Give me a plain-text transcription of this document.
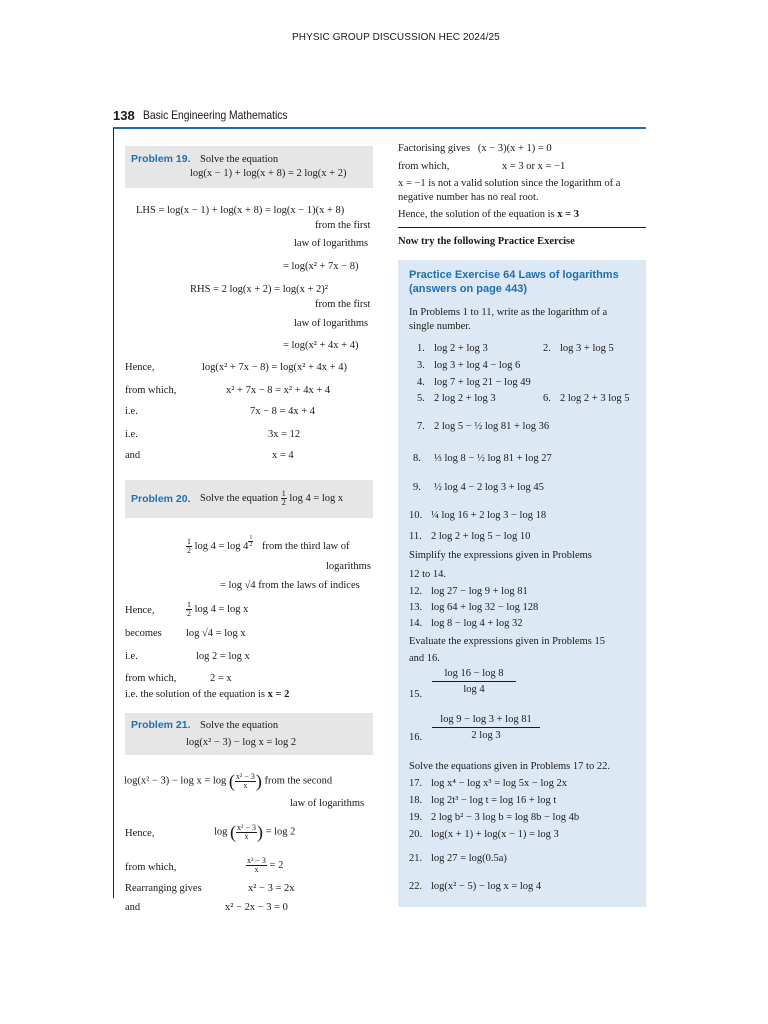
PHYSIC GROUP DISCUSSION HEC 2024/25
138 Basic Engineering Mathematics
Problem 19. Solve the equation
log(x − 1) + log(x + 8) = 2 log(x + 2)
LHS = log(x − 1) + log(x + 8) = log(x − 1)(x + 8)
from the first
law of logarithms
= log(x² + 7x − 8)
RHS = 2 log(x + 2) = log(x + 2)²
from the first
law of logarithms
= log(x² + 4x + 4)
Hence,	log(x² + 7x − 8) = log(x² + 4x + 4)
from which,	x² + 7x − 8 = x² + 4x + 4
i.e.	7x − 8 = 4x + 4
i.e.	3x = 12
and	x = 4
Problem 20. Solve the equation $\frac{1}{2}$ log 4 = log x
$\frac{1}{2}$ $\log 4 = \log 4 \frac{1}{2}$ from the third law of
logarithms
= log √4 from the laws of indices
Hence,	$\frac{1}{2}$ log 4 = log x
becomes log √4 = log x
i.e.	log 2 = log x
from which,	2 = x
i.e. the solution of the equation is x = 2
Problem 21. Solve the equation
log(x² − 3) − log x = log 2
log(x² − 3) − log x = log ( $\frac{\text{x² − 3}}{x}$ ) from the second
law of logarithms
Hence,	log ( $\frac{\text{x² − 3}}{x}$ ) = log 2
from which,	$\frac{\text{x² − 3}}{x} = 2$
Rearranging gives	x² − 3 = 2x
and	x² − 2x − 3 = 0
Factorising gives (x − 3)(x + 1) = 0
from which,	x = 3 or x = −1
x = −1 is not a valid solution since the logarithm of a
negative number has no real root.
Hence, the solution of the equation is x = 3
Now try the following Practice Exercise
Practice Exercise 64 Laws of logarithms
(answers on page 443)
In Problems 1 to 11, write as the logarithm of a
single number.
1. log 2 + log 3	2. log 3 + log 5
3. log 3 + log 4 − log 6
4. log 7 + log 21 − log 49
5. 2 log 2 + log 3	6. 2 log 2 + 3 log 5
7. 2 log 5 − ½ log 81 + log 36
8. ⅓ log 8 − ½ log 81 + log 27
9. ½ log 4 − 2 log 3 + log 45
10. ¼ log 16 + 2 log 3 − log 18
11. 2 log 2 + log 5 − log 10
Simplify the expressions given in Problems
12 to 14.
12. log 27 − log 9 + log 81
13. log 64 + log 32 − log 128
14. log 8 − log 4 + log 32
Evaluate the expressions given in Problems 15
and 16.
15. $\frac{\log 16 - \log 8}{\log 4}$
16. $\frac{\log 9 - \log 3 + \log 81}{2 \log 3}$
Solve the equations given in Problems 17 to 22.
17. log x⁴ − log x³ = log 5x − log 2x
18. log 2t³ − log t = log 16 + log t
19. 2 log b² − 3 log b = log 8b − log 4b
20. log(x + 1) + log(x − 1) = log 3
21. log 27 = log(0.5a)
22. log(x² − 5) − log x = log 4
